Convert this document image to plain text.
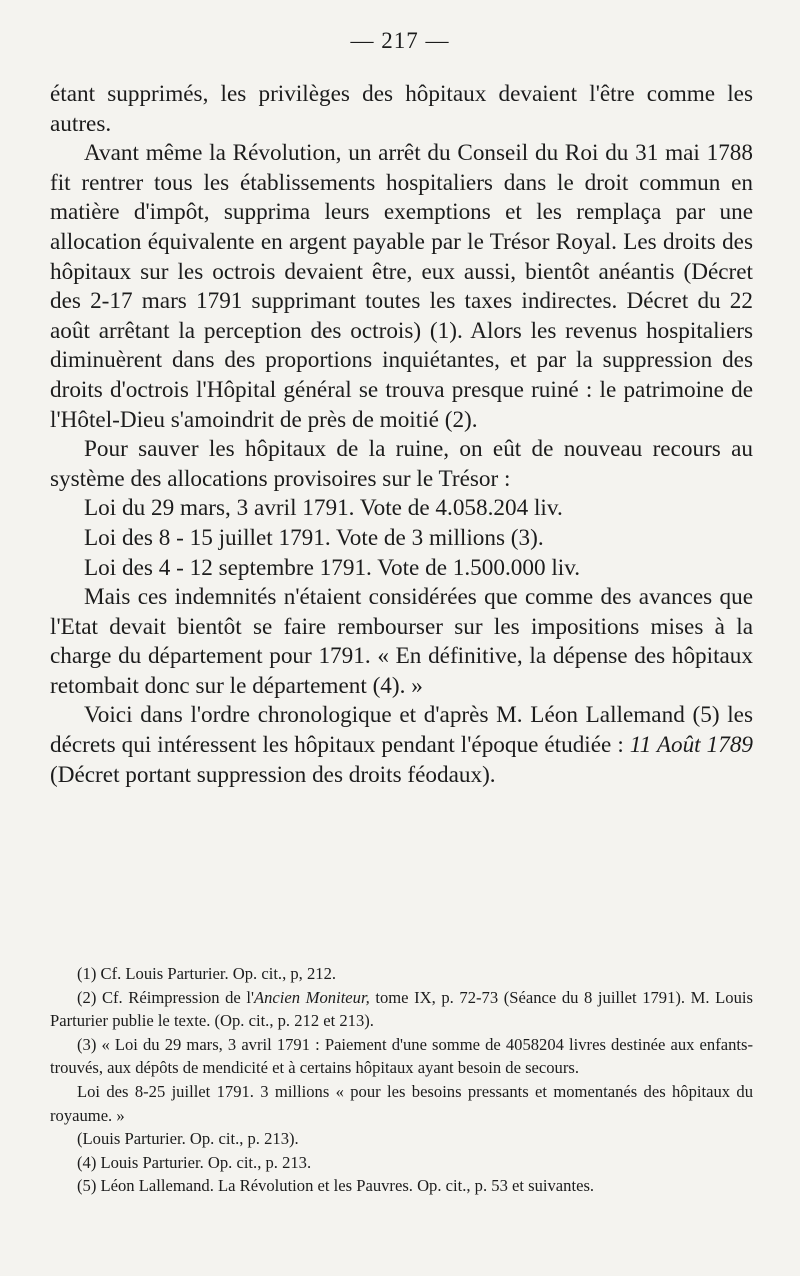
— 217 —

étant supprimés, les privilèges des hôpitaux devaient l'être comme les autres.

Avant même la Révolution, un arrêt du Conseil du Roi du 31 mai 1788 fit rentrer tous les établissements hospitaliers dans le droit commun en matière d'impôt, supprima leurs exemptions et les remplaça par une allocation équivalente en argent payable par le Trésor Royal. Les droits des hôpitaux sur les octrois devaient être, eux aussi, bientôt anéantis (Décret des 2-17 mars 1791 supprimant toutes les taxes indirectes. Décret du 22 août arrêtant la perception des octrois) (1). Alors les revenus hospitaliers diminuèrent dans des proportions inquiétantes, et par la suppression des droits d'octrois l'Hôpital général se trouva presque ruiné : le patrimoine de l'Hôtel-Dieu s'amoindrit de près de moitié (2).

Pour sauver les hôpitaux de la ruine, on eût de nouveau recours au système des allocations provisoires sur le Trésor :

Loi du 29 mars, 3 avril 1791. Vote de 4.058.204 liv.

Loi des 8 - 15 juillet 1791. Vote de 3 millions (3).

Loi des 4 - 12 septembre 1791. Vote de 1.500.000 liv.

Mais ces indemnités n'étaient considérées que comme des avances que l'Etat devait bientôt se faire rembourser sur les impositions mises à la charge du département pour 1791. « En définitive, la dépense des hôpitaux retombait donc sur le département (4). »

Voici dans l'ordre chronologique et d'après M. Léon Lallemand (5) les décrets qui intéressent les hôpitaux pendant l'époque étudiée : 11 Août 1789 (Décret portant suppression des droits féodaux).

(1) Cf. Louis Parturier. Op. cit., p, 212.

(2) Cf. Réimpression de l'Ancien Moniteur, tome IX, p. 72-73 (Séance du 8 juillet 1791). M. Louis Parturier publie le texte. (Op. cit., p. 212 et 213).

(3) « Loi du 29 mars, 3 avril 1791 : Paiement d'une somme de 4058204 livres destinée aux enfants-trouvés, aux dépôts de mendicité et à certains hôpitaux ayant besoin de secours.

Loi des 8-25 juillet 1791. 3 millions « pour les besoins pressants et momentanés des hôpitaux du royaume. »

(Louis Parturier. Op. cit., p. 213).

(4) Louis Parturier. Op. cit., p. 213.

(5) Léon Lallemand. La Révolution et les Pauvres. Op. cit., p. 53 et suivantes.
